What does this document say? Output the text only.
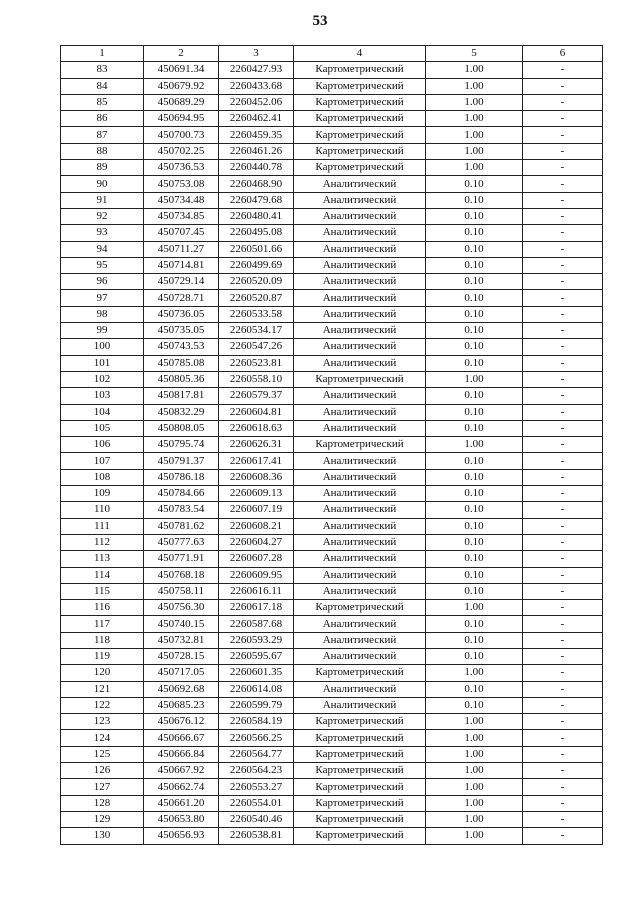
53
1	2	3	4	5	6
83	450691.34	2260427.93	Картометрический	1.00	-
84	450679.92	2260433.68	Картометрический	1.00	-
85	450689.29	2260452.06	Картометрический	1.00	-
86	450694.95	2260462.41	Картометрический	1.00	-
87	450700.73	2260459.35	Картометрический	1.00	-
88	450702.25	2260461.26	Картометрический	1.00	-
89	450736.53	2260440.78	Картометрический	1.00	-
90	450753.08	2260468.90	Аналитический	0.10	-
91	450734.48	2260479.68	Аналитический	0.10	-
92	450734.85	2260480.41	Аналитический	0.10	-
93	450707.45	2260495.08	Аналитический	0.10	-
94	450711.27	2260501.66	Аналитический	0.10	-
95	450714.81	2260499.69	Аналитический	0.10	-
96	450729.14	2260520.09	Аналитический	0.10	-
97	450728.71	2260520.87	Аналитический	0.10	-
98	450736.05	2260533.58	Аналитический	0.10	-
99	450735.05	2260534.17	Аналитический	0.10	-
100	450743.53	2260547.26	Аналитический	0.10	-
101	450785.08	2260523.81	Аналитический	0.10	-
102	450805.36	2260558.10	Картометрический	1.00	-
103	450817.81	2260579.37	Аналитический	0.10	-
104	450832.29	2260604.81	Аналитический	0.10	-
105	450808.05	2260618.63	Аналитический	0.10	-
106	450795.74	2260626.31	Картометрический	1.00	-
107	450791.37	2260617.41	Аналитический	0.10	-
108	450786.18	2260608.36	Аналитический	0.10	-
109	450784.66	2260609.13	Аналитический	0.10	-
110	450783.54	2260607.19	Аналитический	0.10	-
111	450781.62	2260608.21	Аналитический	0.10	-
112	450777.63	2260604.27	Аналитический	0.10	-
113	450771.91	2260607.28	Аналитический	0.10	-
114	450768.18	2260609.95	Аналитический	0.10	-
115	450758.11	2260616.11	Аналитический	0.10	-
116	450756.30	2260617.18	Картометрический	1.00	-
117	450740.15	2260587.68	Аналитический	0.10	-
118	450732.81	2260593.29	Аналитический	0.10	-
119	450728.15	2260595.67	Аналитический	0.10	-
120	450717.05	2260601.35	Картометрический	1.00	-
121	450692.68	2260614.08	Аналитический	0.10	-
122	450685.23	2260599.79	Аналитический	0.10	-
123	450676.12	2260584.19	Картометрический	1.00	-
124	450666.67	2260566.25	Картометрический	1.00	-
125	450666.84	2260564.77	Картометрический	1.00	-
126	450667.92	2260564.23	Картометрический	1.00	-
127	450662.74	2260553.27	Картометрический	1.00	-
128	450661.20	2260554.01	Картометрический	1.00	-
129	450653.80	2260540.46	Картометрический	1.00	-
130	450656.93	2260538.81	Картометрический	1.00	-
